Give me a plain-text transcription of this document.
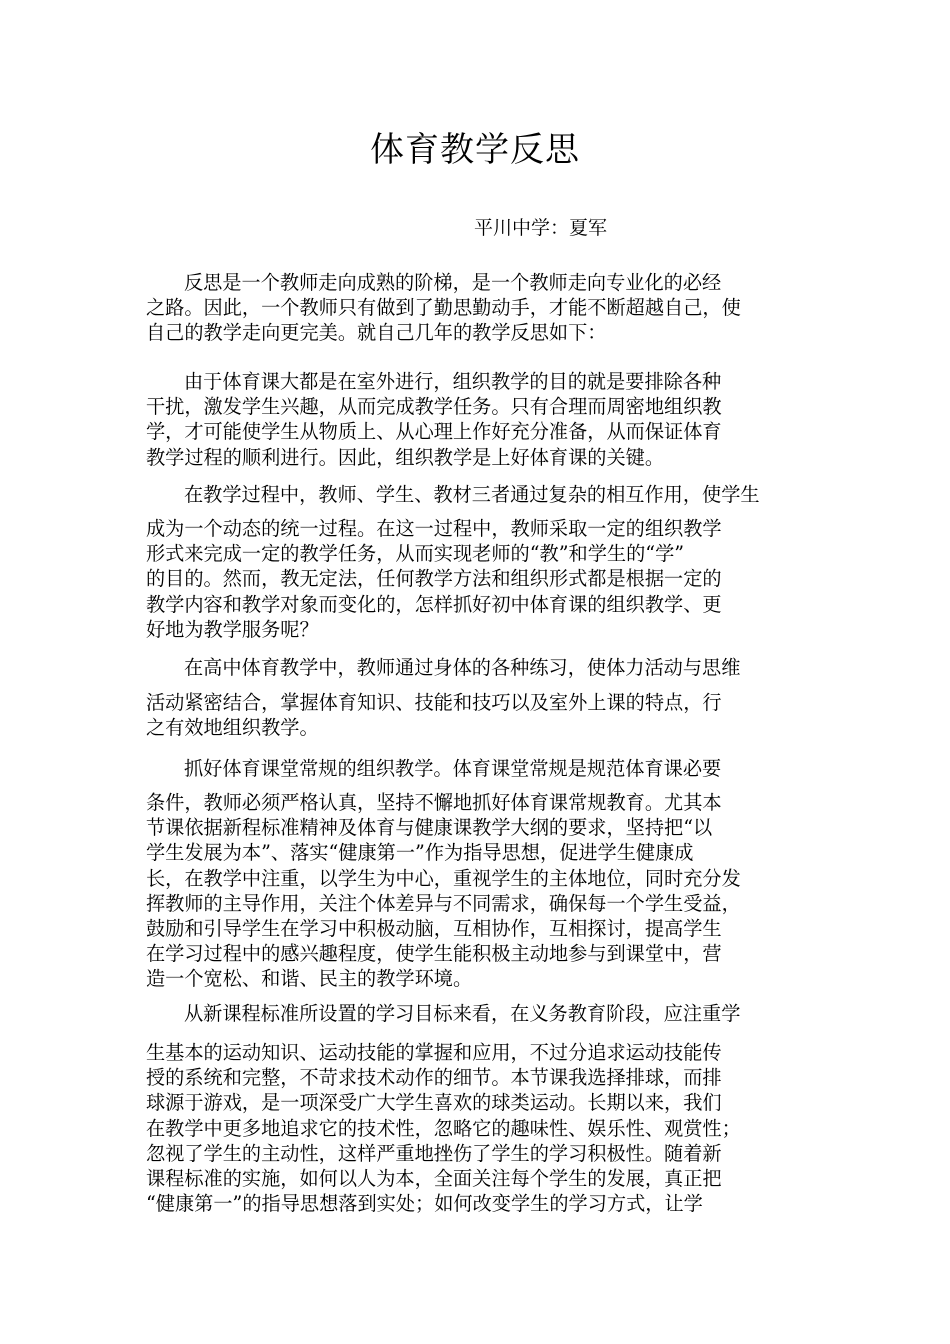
体育教学反思
平川中学：夏军
反思是一个教师走向成熟的阶梯，是一个教师走向专业化的必经
之路。因此，一个教师只有做到了勤思勤动手，才能不断超越自己，使
自己的教学走向更完美。就自己几年的教学反思如下：
由于体育课大都是在室外进行，组织教学的目的就是要排除各种
干扰，激发学生兴趣，从而完成教学任务。只有合理而周密地组织教
学，才可能使学生从物质上、从心理上作好充分准备，从而保证体育
教学过程的顺利进行。因此，组织教学是上好体育课的关键。
在教学过程中，教师、学生、教材三者通过复杂的相互作用，使学生
成为一个动态的统一过程。在这一过程中，教师采取一定的组织教学
形式来完成一定的教学任务，从而实现老师的“教”和学生的“学”
的目的。然而，教无定法，任何教学方法和组织形式都是根据一定的
教学内容和教学对象而变化的，怎样抓好初中体育课的组织教学、更
好地为教学服务呢？
在高中体育教学中，教师通过身体的各种练习，使体力活动与思维
活动紧密结合，掌握体育知识、技能和技巧以及室外上课的特点，行
之有效地组织教学。
抓好体育课堂常规的组织教学。体育课堂常规是规范体育课必要
条件，教师必须严格认真，坚持不懈地抓好体育课常规教育。尤其本
节课依据新程标准精神及体育与健康课教学大纲的要求，坚持把“以
学生发展为本”、落实“健康第一”作为指导思想，促进学生健康成
长，在教学中注重，以学生为中心，重视学生的主体地位，同时充分发
挥教师的主导作用，关注个体差异与不同需求，确保每一个学生受益，
鼓励和引导学生在学习中积极动脑，互相协作，互相探讨，提高学生
在学习过程中的感兴趣程度，使学生能积极主动地参与到课堂中，营
造一个宽松、和谐、民主的教学环境。
从新课程标准所设置的学习目标来看，在义务教育阶段，应注重学
生基本的运动知识、运动技能的掌握和应用，不过分追求运动技能传
授的系统和完整，不苛求技术动作的细节。本节课我选择排球，而排
球源于游戏，是一项深受广大学生喜欢的球类运动。长期以来，我们
在教学中更多地追求它的技术性，忽略它的趣味性、娱乐性、观赏性；
忽视了学生的主动性，这样严重地挫伤了学生的学习积极性。随着新
课程标准的实施，如何以人为本，全面关注每个学生的发展，真正把
“健康第一”的指导思想落到实处；如何改变学生的学习方式，让学
